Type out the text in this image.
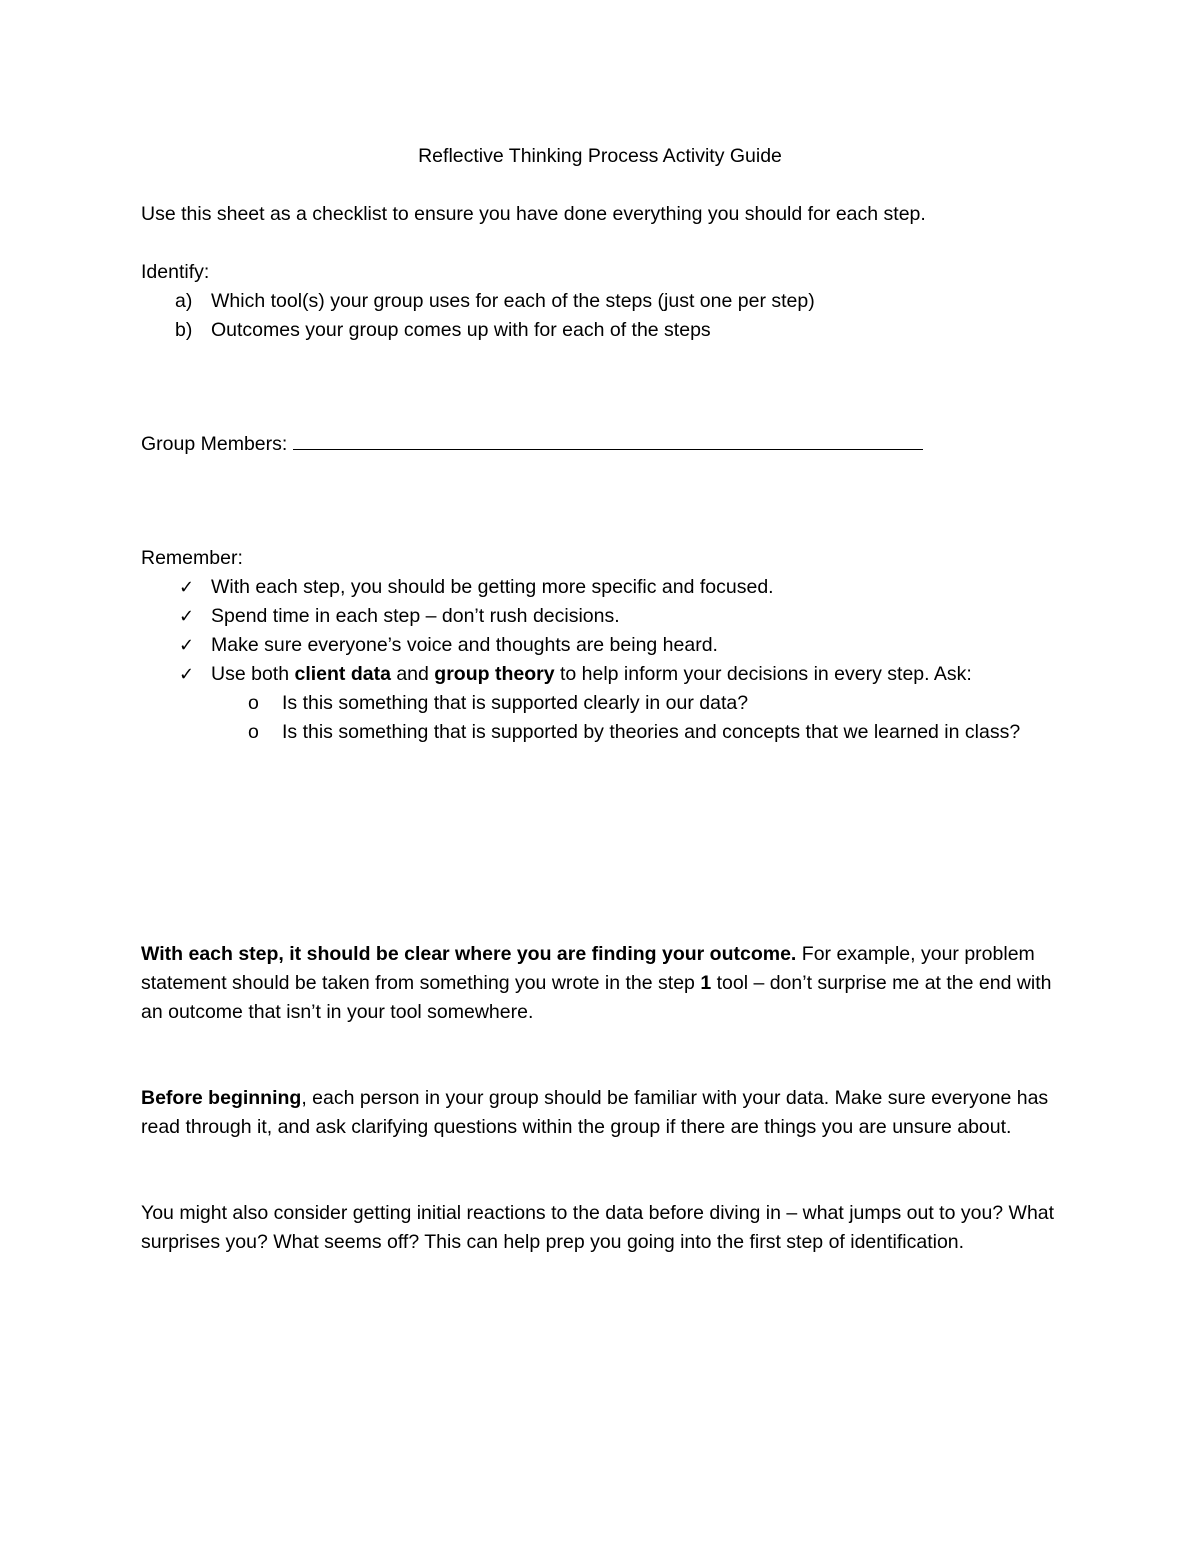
Reflective Thinking Process Activity Guide
Use this sheet as a checklist to ensure you have done everything you should for each step.
Identify:
a) Which tool(s) your group uses for each of the steps (just one per step)
b) Outcomes your group comes up with for each of the steps
Group Members:
Remember:
✓ With each step, you should be getting more specific and focused.
✓ Spend time in each step – don’t rush decisions.
✓ Make sure everyone’s voice and thoughts are being heard.
✓ Use both client data and group theory to help inform your decisions in every step. Ask:
o Is this something that is supported clearly in our data?
o Is this something that is supported by theories and concepts that we learned in class?

With each step, it should be clear where you are finding your outcome. For example, your problem statement should be taken from something you wrote in the step 1 tool – don’t surprise me at the end with an outcome that isn’t in your tool somewhere.

Before beginning, each person in your group should be familiar with your data. Make sure everyone has read through it, and ask clarifying questions within the group if there are things you are unsure about.

You might also consider getting initial reactions to the data before diving in – what jumps out to you? What surprises you? What seems off? This can help prep you going into the first step of identification.
